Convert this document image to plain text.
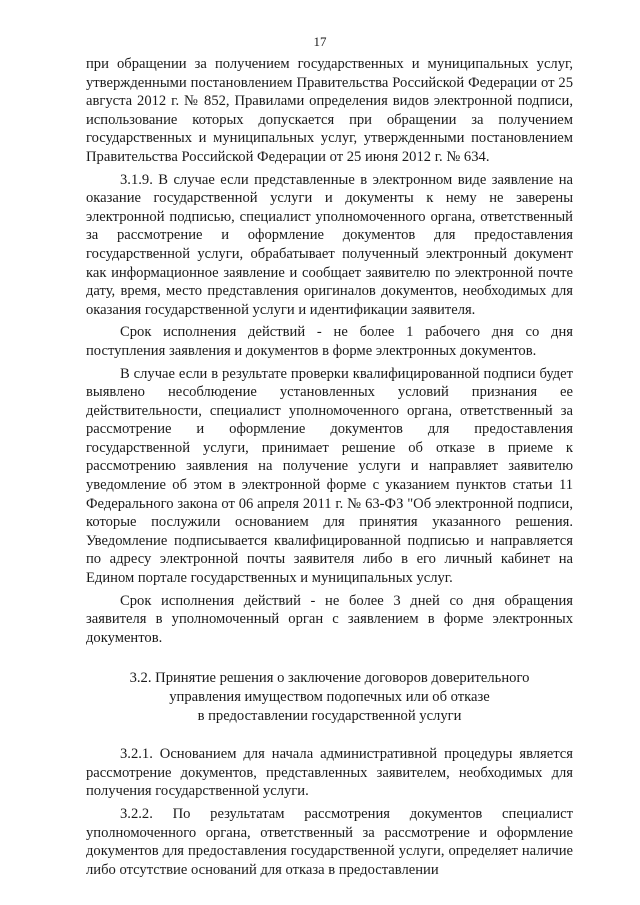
17

при обращении за получением государственных и муниципальных услуг, утвержденными постановлением Правительства Российской Федерации от 25 августа 2012 г. № 852, Правилами определения видов электронной подписи, использование которых допускается при обращении за получением государственных и муниципальных услуг, утвержденными постановлением Правительства Российской Федерации от 25 июня 2012 г. № 634.

3.1.9. В случае если представленные в электронном виде заявление на оказание государственной услуги и документы к нему не заверены электронной подписью, специалист уполномоченного органа, ответственный за рассмотрение и оформление документов для предоставления государственной услуги, обрабатывает полученный электронный документ как информационное заявление и сообщает заявителю по электронной почте дату, время, место представления оригиналов документов, необходимых для оказания государственной услуги и идентификации заявителя.

Срок исполнения действий - не более 1 рабочего дня со дня поступления заявления и документов в форме электронных документов.

В случае если в результате проверки квалифицированной подписи будет выявлено несоблюдение установленных условий признания ее действительности, специалист уполномоченного органа, ответственный за рассмотрение и оформление документов для предоставления государственной услуги, принимает решение об отказе в приеме к рассмотрению заявления на получение услуги и направляет заявителю уведомление об этом в электронной форме с указанием пунктов статьи 11 Федерального закона от 06 апреля 2011 г. № 63-ФЗ "Об электронной подписи, которые послужили основанием для принятия указанного решения. Уведомление подписывается квалифицированной подписью и направляется по адресу электронной почты заявителя либо в его личный кабинет на Едином портале государственных и муниципальных услуг.

Срок исполнения действий - не более 3 дней со дня обращения заявителя в уполномоченный орган с заявлением в форме электронных документов.

3.2. Принятие решения о заключение договоров доверительного
управления имуществом подопечных или об отказе
в предоставлении государственной услуги

3.2.1. Основанием для начала административной процедуры является рассмотрение документов, представленных заявителем, необходимых для получения государственной услуги.

3.2.2. По результатам рассмотрения документов специалист уполномоченного органа, ответственный за рассмотрение и оформление документов для предоставления государственной услуги, определяет наличие либо отсутствие оснований для отказа в предоставлении
